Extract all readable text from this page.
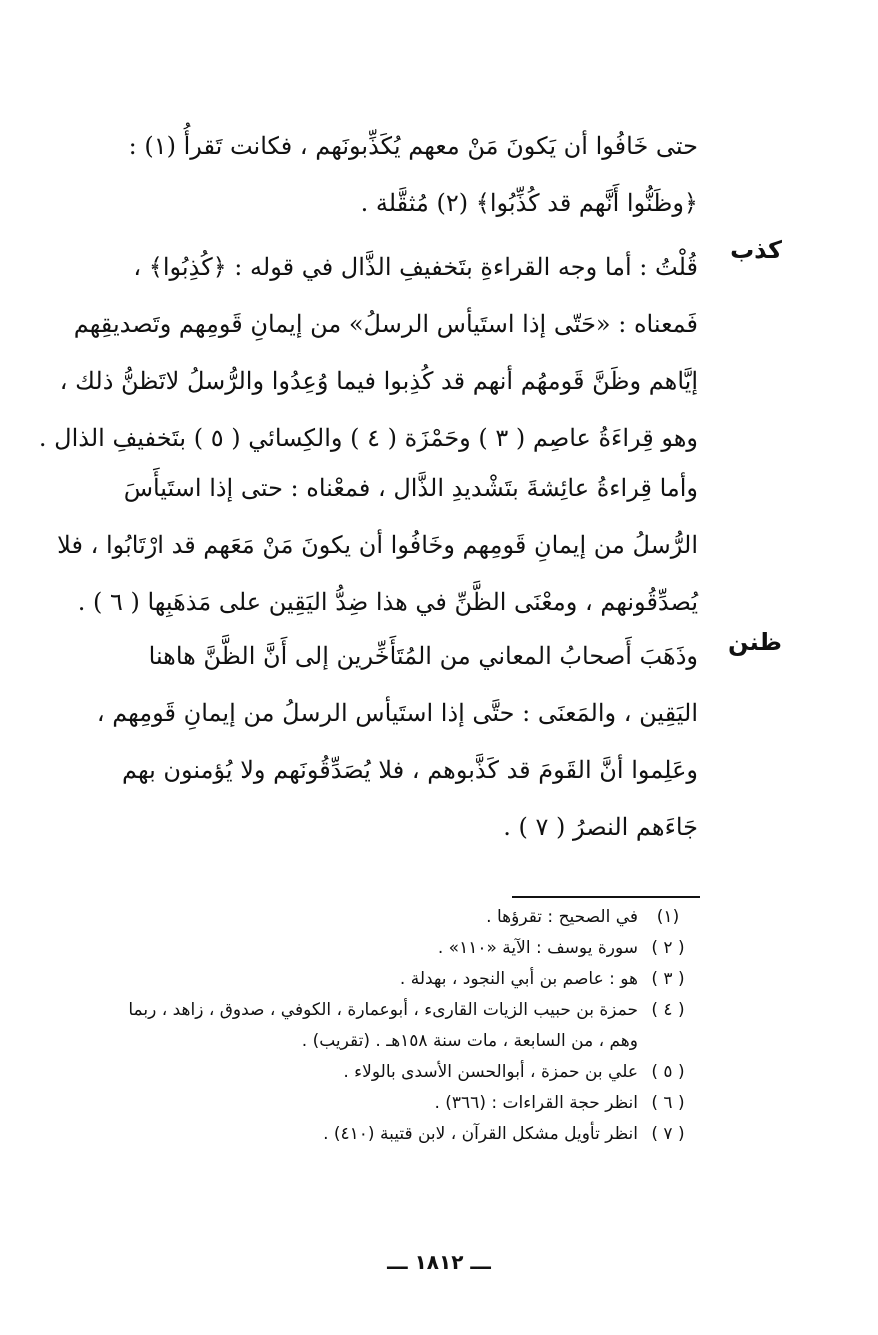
حتى خَافُوا أن يَكونَ مَنْ معهم يُكَذِّبونَهم ، فكانت تَقرأُ (١) :
﴿وظَنُّوا أَنَّهم قد كُذِّبُوا﴾ (٢) مُثقَّلة .
كذب
قُلْتُ : أما وجه القراءةِ بتَخفيفِ الذَّال في قوله : ﴿كُذِبُوا﴾ ،
فَمعناه : «حَتّى إذا استَيأس الرسلُ» من إيمانِ قَومِهم وتَصديقِهم
إيَّاهم وظَنَّ قَومهُم أنهم قد كُذِبوا فيما وُعِدُوا والرُّسلُ لاتَظنُّ ذلك ،
وهو قِراءَةُ عاصِم ( ٣ ) وحَمْزَة ( ٤ ) والكِسائي ( ٥ ) بتَخفيفِ الذال .
وأما قِراءةُ عائِشةَ بتَشْديدِ الذَّال ، فمعْناه : حتى إذا استَيأَسَ
الرُّسلُ من إيمانِ قَومِهم وخَافُوا أن يكونَ مَنْ مَعَهم قد ارْتَابُوا ، فلا
يُصدِّقُونهم ، ومعْنَى الظَّنِّ في هذا ضِدُّ اليَقِين على مَذهَبِها ( ٦ ) .
ظنن
وذَهَبَ أَصحابُ المعاني من المُتَأَخِّرين إلى أَنَّ الظَّنَّ هاهنا
اليَقِين ، والمَعنَى : حتَّى إذا استَيأس الرسلُ من إيمانِ قَومِهم ،
وعَلِموا أنَّ القَومَ قد كَذَّبوهم ، فلا يُصَدِّقُونَهم ولا يُؤمنون بهم
جَاءَهم النصرُ ( ٧ ) .
(١)
في الصحيح : تقرؤها .
( ٢ )
سورة يوسف : الآية «١١٠» .
( ٣ )
هو : عاصم بن أبي النجود ، بهدلة .
( ٤ )
حمزة بن حبيب الزيات القارىء ، أبوعمارة ، الكوفي ، صدوق ، زاهد ، ربما
وهم ، من السابعة ، مات سنة ١٥٨هـ . (تقريب) .
( ٥ )
علي بن حمزة ، أبوالحسن الأسدى بالولاء .
( ٦ )
انظر حجة القراءات : (٣٦٦) .
( ٧ )
انظر تأويل مشكل القرآن ، لابن قتيبة (٤١٠) .
ـــ ١٨١٢ ـــ
